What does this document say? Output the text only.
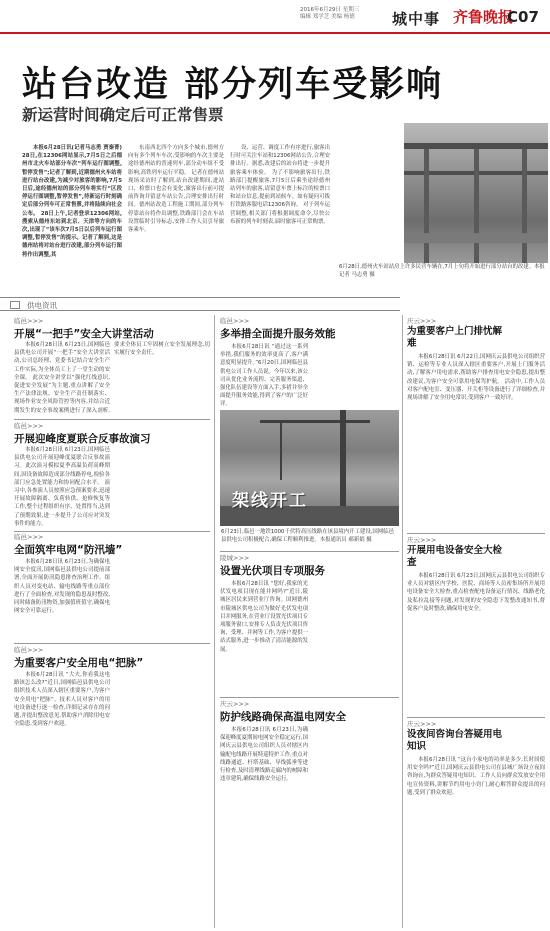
2016年6月29日 星期三
编辑 郑学芝 美编 杨德	城中事 齐鲁晚报
C07
站台改造 部分列车受影响
新运营时间确定后可正常售票

本报6月28日讯(记者马志勇 贾秦菁) 28日,在12306网站显示,7月5日之后德州市北火车站部分车次“列车运行图调整,暂停发售”;记者了解到,近期德州火车站将进行站台改建,为减少对旅客的影响,7月5日后,途经德州站的部分列车将实行“区段停运行图调整,暂停发售”,待新运行时刻确定后部分列车可正常售票,并将陆续向社会公布。 28日上午,记者登录12306网站,搜索从德州东站到北京、天津等方向的车次,出现了“该车次7月5日以后列车运行图调整,暂停发售”的提示。记者了解到,这是德州站将对站台进行改建,部分列车运行图将作出调整,其

东南西北四个方向多个城市,德州方向有多个列车车次,受影响的车次主要是途经德州站的普速列车,部分动车组不受影响,高铁列车运行平稳。 记者在德州站现场采访时了解到,站台改建期间,进站口、检票口也会有变化,旅客出行前可提前咨询并留意车站公告,合理安排出行时间。德州站改造工程施工期间,部分列车停靠站台将作出调整,铁路部门会在车站设置临时引导标志,安排工作人员引导旅客乘车。

设、运营、调度工作有序进行,旅客出行时可关注车站和12306网站公告,合理安排出行。据悉,改建后的站台将进一步提升旅客乘车体验。 为了不影响旅客出行,铁路部门提醒旅客,7月5日后乘坐途经德州站列车的旅客,请留意车票上标注的检票口和站台信息,提前到站候车。如有疑问可拨打铁路客服电话12306咨询。 对于列车运营调整,相关部门将根据调度命令,尽快公布新的列车时刻表,届时旅客可正常购票。

6月28日,德州火车站站房上许多民营车辆在,7月上旬将开始进行部分站台的改建。本报记者 马志勇 摄
供电资讯
临邑>>>
开展“一把手”安全大讲堂活动

本报6月28日讯 6月23日,国网临邑县供电公司开展“一把手”安全大讲堂活动,公司总经理、党委书记结合安全生产工作实际,为全体员工上了一堂生动的安全课。 此次安全讲堂以“强化红线意识,促进安全发展”为主题,重点讲解了安全生产法律法规、安全生产责任制落实、现场作业安全风险管控等内容,并结合近期发生的安全事故案例进行了深入剖析,

要求全体员工牢固树立安全发展理念,切实履行安全责任。

临邑>>>
开展迎峰度夏联合反事故演习

本报6月28日讯 6月23日,国网临邑县供电公司开展迎峰度夏联合反事故演习。此次演习模拟夏季高温负荷高峰期间,因设备故障造成部分线路停电,检验各部门应急处置能力和协同配合水平。 演习中,各参演人员按照应急预案要求,迅速开展故障隔离、负荷转供、抢修恢复等工作,整个过程组织有序、处置得当,达到了预期效果,进一步提升了公司应对突发事件的能力。

临邑>>>
全面筑牢电网“防汛墙”

本报6月28日讯 6月23日,为确保电网安全度汛,国网临邑县供电公司提前部署,全面开展防汛隐患排查治理工作。组织人员对变电站、输电线路等重点部位进行了全面检查,对发现的隐患及时整改,同时储备防汛物资,加强值班值守,确保电网安全可靠运行。

临邑>>>
为重要客户安全用电“把脉”

本报6月28日讯 “大夫,你看我这电路该怎么改?”近日,国网临邑县供电公司组织技术人员深入辖区重要客户,为客户安全用电“把脉”。技术人员对客户的用电设备进行逐一检查,详细记录存在的问题,并提出整改意见,帮助客户消除用电安全隐患,受到客户欢迎。

临邑>>>
多举措全面提升服务效能

本报6月28日讯 “通过这一系列举措,我们服务的效率更高了,客户满意度明显提升。”6月20日,国网临邑县供电公司工作人员说。今年以来,该公司从优化业务流程、完善服务渠道、强化队伍建设等方面入手,多措并举全面提升服务效能,得到了客户的广泛好评。

架线开工
6月23日,临邑一地铁1000千伏特高压线路在该县境内开工建设,国网临邑县供电公司积极配合,确保工程顺利推进。本报通讯员 郝新娟 摄
陵城>>>
设置光伏项目专项服务

本报6月28日讯 “您好,我家的光伏发电项目现在能并网吗?”近日,陵城区居民来到营业厅咨询。国网德州市陵城区供电公司为做好光伏发电项目并网服务,在营业厅设置光伏项目专项服务窗口,安排专人负责光伏项目咨询、受理、并网等工作,为客户提供一站式服务,进一步推动了清洁能源的发展。

庆云>>>
防护线路确保高温电网安全

本报6月28日讯 6月23日,为确保迎峰度夏期间电网安全稳定运行,国网庆云县供电公司组织人员对辖区内输配电线路开展特巡特护工作,重点对线路通道、杆塔基础、导线弧垂等进行检查,及时清理线路走廊内的树障和违章建筑,确保线路安全运行。

庆云>>>
为重要客户上门排忧解难

本报6月28日讯 6月22日,国网庆云县供电公司组织营销、运检等专业人员深入辖区重要客户,开展上门服务活动,了解客户用电需求,帮助客户排查用电安全隐患,提出整改建议,为客户安全可靠用电保驾护航。 活动中,工作人员对客户配电室、变压器、开关柜等设备进行了详细检查,并现场讲解了安全用电常识,受到客户一致好评。

庆云>>>
开展用电设备安全大检查

本报6月28日讯 6月23日,国网庆云县供电公司组织专业人员对辖区内学校、医院、商场等人员密集场所开展用电设备安全大检查,重点检查配电设备运行情况、线路老化及私拉乱接等问题,对发现的安全隐患下发整改通知书,督促客户及时整改,确保用电安全。

庆云>>>
设夜间咨询台答疑用电知识

本报6月28日讯 “这台小家电的功率是多少,长时间使用安全吗?”近日,国网庆云县供电公司在县城广场设立夜间咨询台,为群众答疑用电知识。工作人员向群众发放安全用电宣传资料,讲解节约用电小窍门,耐心解答群众提出的问题,受到了群众欢迎。
